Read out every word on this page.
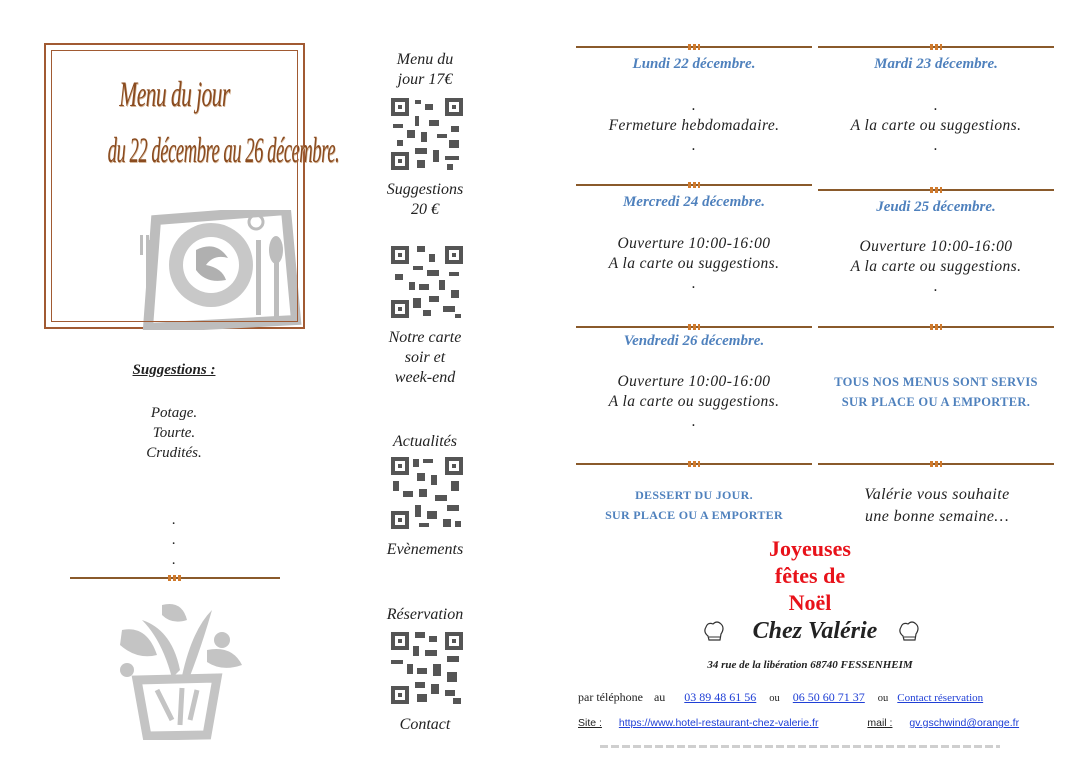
Menu du jour
du 22 décembre au 26 décembre.
Suggestions :
Potage.
Tourte.
Crudités.
.
.
.
Menu du
jour 17€
Suggestions
20 €
Notre carte
soir et
week-end
Actualités
Evènements
Réservation
Contact
Lundi 22 décembre.
.
Fermeture hebdomadaire.
.
Mardi 23 décembre.
.
A la carte ou suggestions.
.
Mercredi 24 décembre.
Ouverture 10:00-16:00
A la carte ou suggestions.
.
Jeudi 25 décembre.
Ouverture 10:00-16:00
A la carte ou suggestions.
.
Vendredi 26 décembre.
Ouverture 10:00-16:00
A la carte ou suggestions.
.
TOUS NOS MENUS SONT SERVIS
SUR PLACE OU A EMPORTER.
DESSERT DU JOUR.
SUR PLACE OU A EMPORTER
Valérie vous souhaite
une bonne semaine…
Joyeuses
fêtes de
Noël
Chez Valérie
34 rue de la libération 68740 FESSENHEIM
par téléphone au 03 89 48 61 56 ou 06 50 60 71 37 ou Contact réservation
Site : https://www.hotel-restaurant-chez-valerie.fr	mail : gv.gschwind@orange.fr
